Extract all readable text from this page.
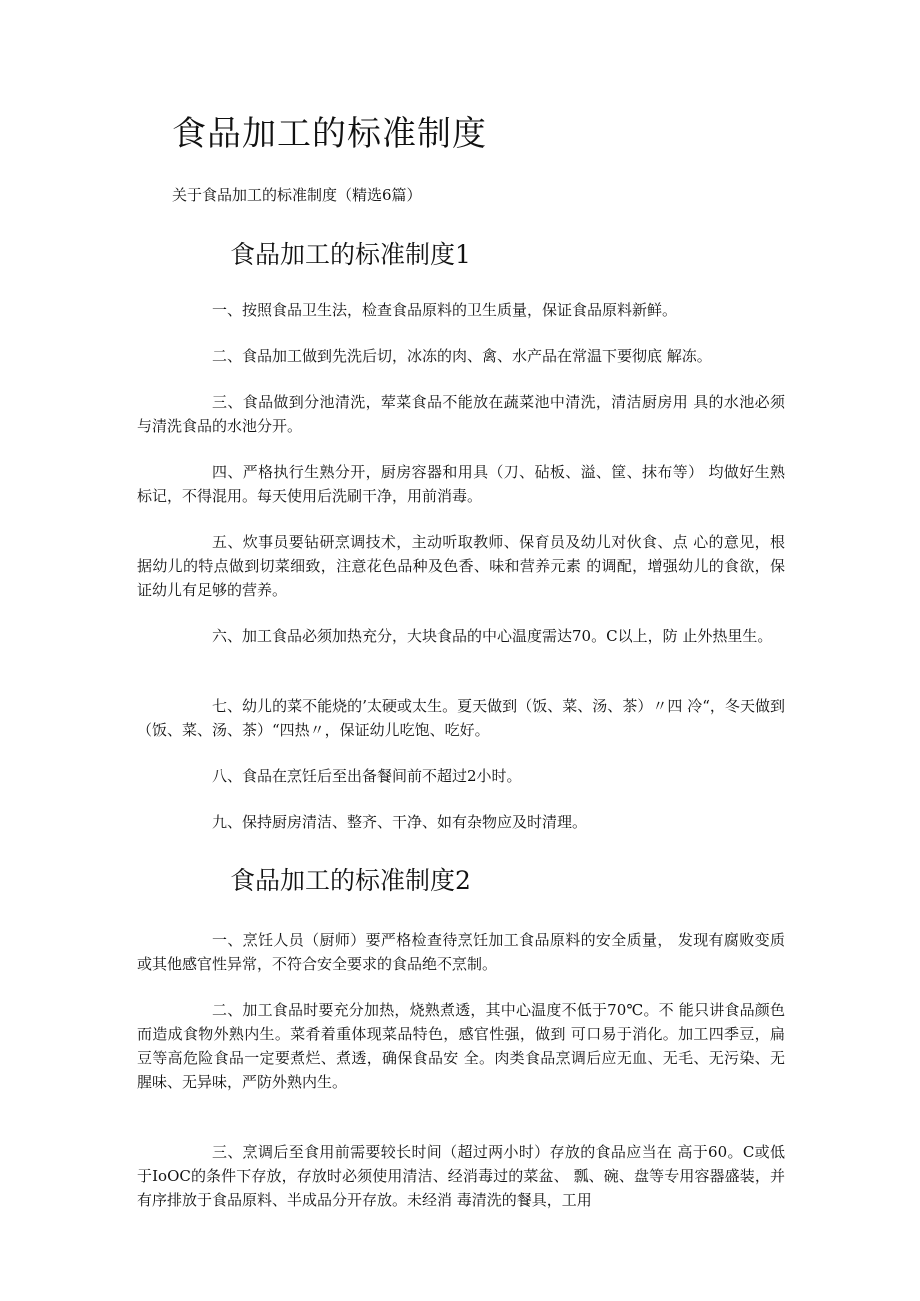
食品加工的标准制度

关于食品加工的标准制度（精选6篇）

食品加工的标准制度1

一、按照食品卫生法，检查食品原料的卫生质量，保证食品原料新鲜。

二、食品加工做到先洗后切，冰冻的肉、禽、水产品在常温下要彻底 解冻。

三、食品做到分池清洗，荤菜食品不能放在蔬菜池中清洗，清洁厨房用 具的水池必须与清洗食品的水池分开。

四、严格执行生熟分开，厨房容器和用具（刀、砧板、溢、筐、抹布等） 均做好生熟标记，不得混用。每天使用后洗刷干净，用前消毒。

五、炊事员要钻研烹调技术，主动听取教师、保育员及幼儿对伙食、点 心的意见，根据幼儿的特点做到切菜细致，注意花色品种及色香、味和营养元素 的调配，增强幼儿的食欲，保证幼儿有足够的营养。

六、加工食品必须加热充分，大块食品的中心温度需达70。C以上，防 止外热里生。

七、幼儿的菜不能烧的’太硬或太生。夏天做到（饭、菜、汤、茶）〃四 冷“，冬天做到（饭、菜、汤、茶）“四热〃，保证幼儿吃饱、吃好。

八、食品在烹饪后至出备餐间前不超过2小时。

九、保持厨房清洁、整齐、干净、如有杂物应及时清理。

食品加工的标准制度2

一、烹饪人员（厨师）要严格检查待烹饪加工食品原料的安全质量， 发现有腐败变质或其他感官性异常，不符合安全要求的食品绝不烹制。

二、加工食品时要充分加热，烧熟煮透，其中心温度不低于70℃。不 能只讲食品颜色而造成食物外熟内生。菜肴着重体现菜品特色，感官性强，做到 可口易于消化。加工四季豆，扁豆等高危险食品一定要煮烂、煮透，确保食品安 全。肉类食品烹调后应无血、无毛、无污染、无腥味、无异味，严防外熟内生。

三、烹调后至食用前需要较长时间（超过两小时）存放的食品应当在 高于60。C或低于IoOC的条件下存放，存放时必须使用清洁、经消毒过的菜盆、 瓢、碗、盘等专用容器盛装，并有序排放于食品原料、半成品分开存放。未经消 毒清洗的餐具，工用
